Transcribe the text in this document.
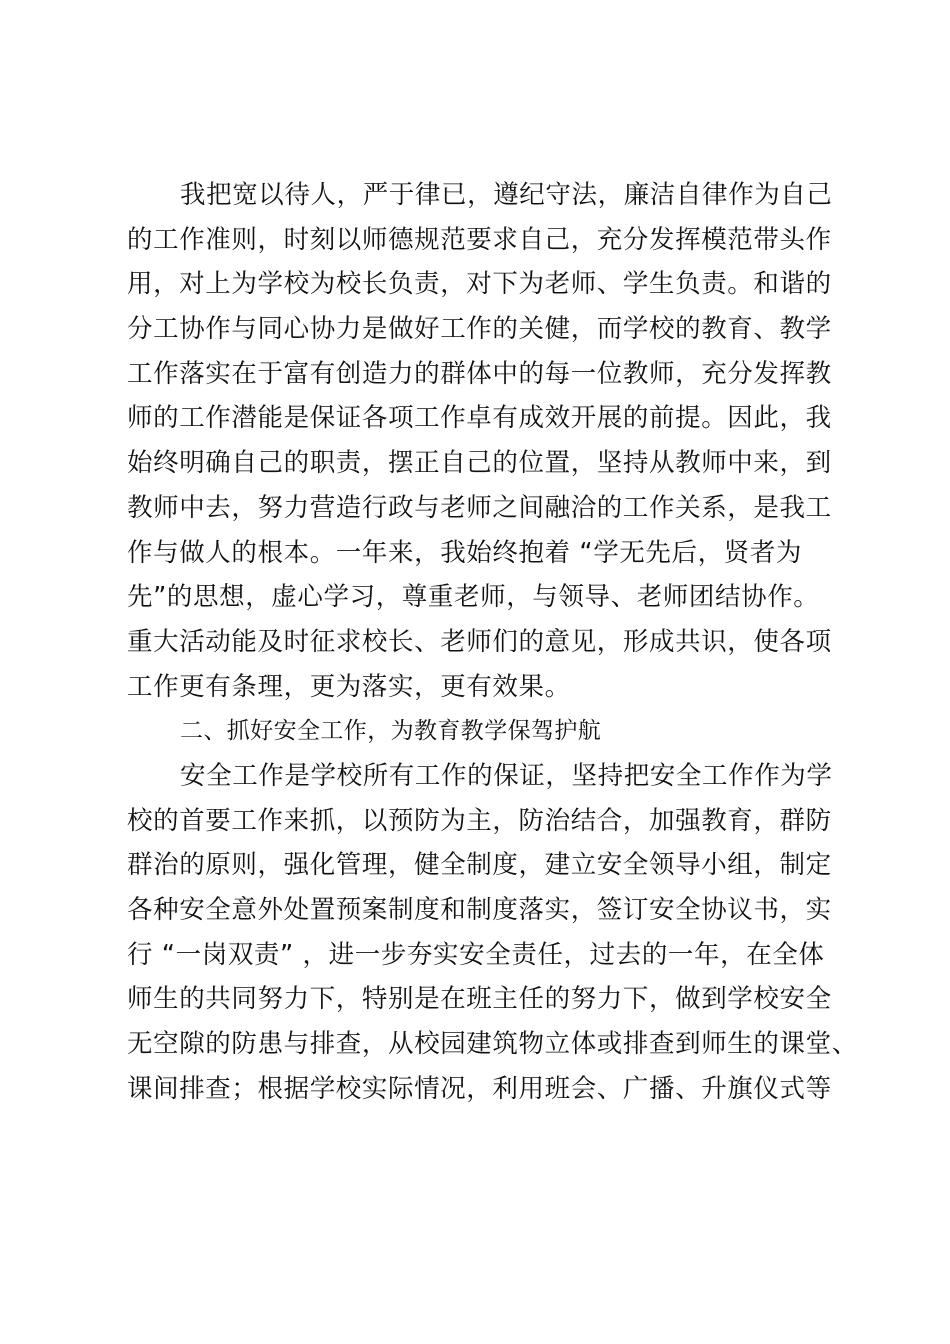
我把宽以待人，严于律已，遵纪守法，廉洁自律作为自己
的工作准则，时刻以师德规范要求自己，充分发挥模范带头作
用，对上为学校为校长负责，对下为老师、学生负责。和谐的
分工协作与同心协力是做好工作的关健，而学校的教育、教学
工作落实在于富有创造力的群体中的每一位教师，充分发挥教
师的工作潜能是保证各项工作卓有成效开展的前提。因此，我
始终明确自己的职责，摆正自己的位置，坚持从教师中来，到
教师中去，努力营造行政与老师之间融洽的工作关系，是我工
作与做人的根本。一年来，我始终抱着 “学无先后，贤者为
先”的思想，虚心学习，尊重老师，与领导、老师团结协作。
重大活动能及时征求校长、老师们的意见，形成共识，使各项
工作更有条理，更为落实，更有效果。
二、抓好安全工作，为教育教学保驾护航
安全工作是学校所有工作的保证，坚持把安全工作作为学
校的首要工作来抓，以预防为主，防治结合，加强教育，群防
群治的原则，强化管理，健全制度，建立安全领导小组，制定
各种安全意外处置预案制度和制度落实，签订安全协议书，实
行 “一岗双责” ，进一步夯实安全责任，过去的一年，在全体
师生的共同努力下，特别是在班主任的努力下，做到学校安全
无空隙的防患与排查，从校园建筑物立体或排查到师生的课堂、
课间排查；根据学校实际情况，利用班会、广播、升旗仪式等
